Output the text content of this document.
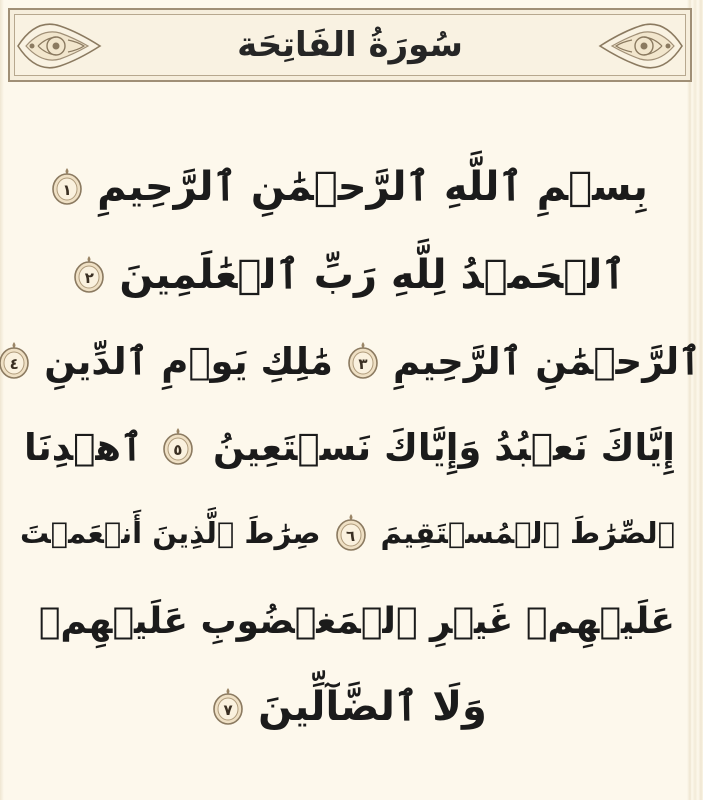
سُورَةُ الفَاتِحَة
بِسۡمِ ٱللَّهِ ٱلرَّحۡمَٰنِ ٱلرَّحِيمِ
١
ٱلۡحَمۡدُ لِلَّهِ رَبِّ ٱلۡعَٰلَمِينَ
٢
ٱلرَّحۡمَٰنِ ٱلرَّحِيمِ
٣
مَٰلِكِ يَوۡمِ ٱلدِّينِ
٤
إِيَّاكَ نَعۡبُدُ وَإِيَّاكَ نَسۡتَعِينُ
٥
ٱهۡدِنَا
ٱلصِّرَٰطَ ٱلۡمُسۡتَقِيمَ
٦
صِرَٰطَ ٱلَّذِينَ أَنۡعَمۡتَ
عَلَيۡهِمۡ غَيۡرِ ٱلۡمَغۡضُوبِ عَلَيۡهِمۡ
وَلَا ٱلضَّآلِّينَ
٧
